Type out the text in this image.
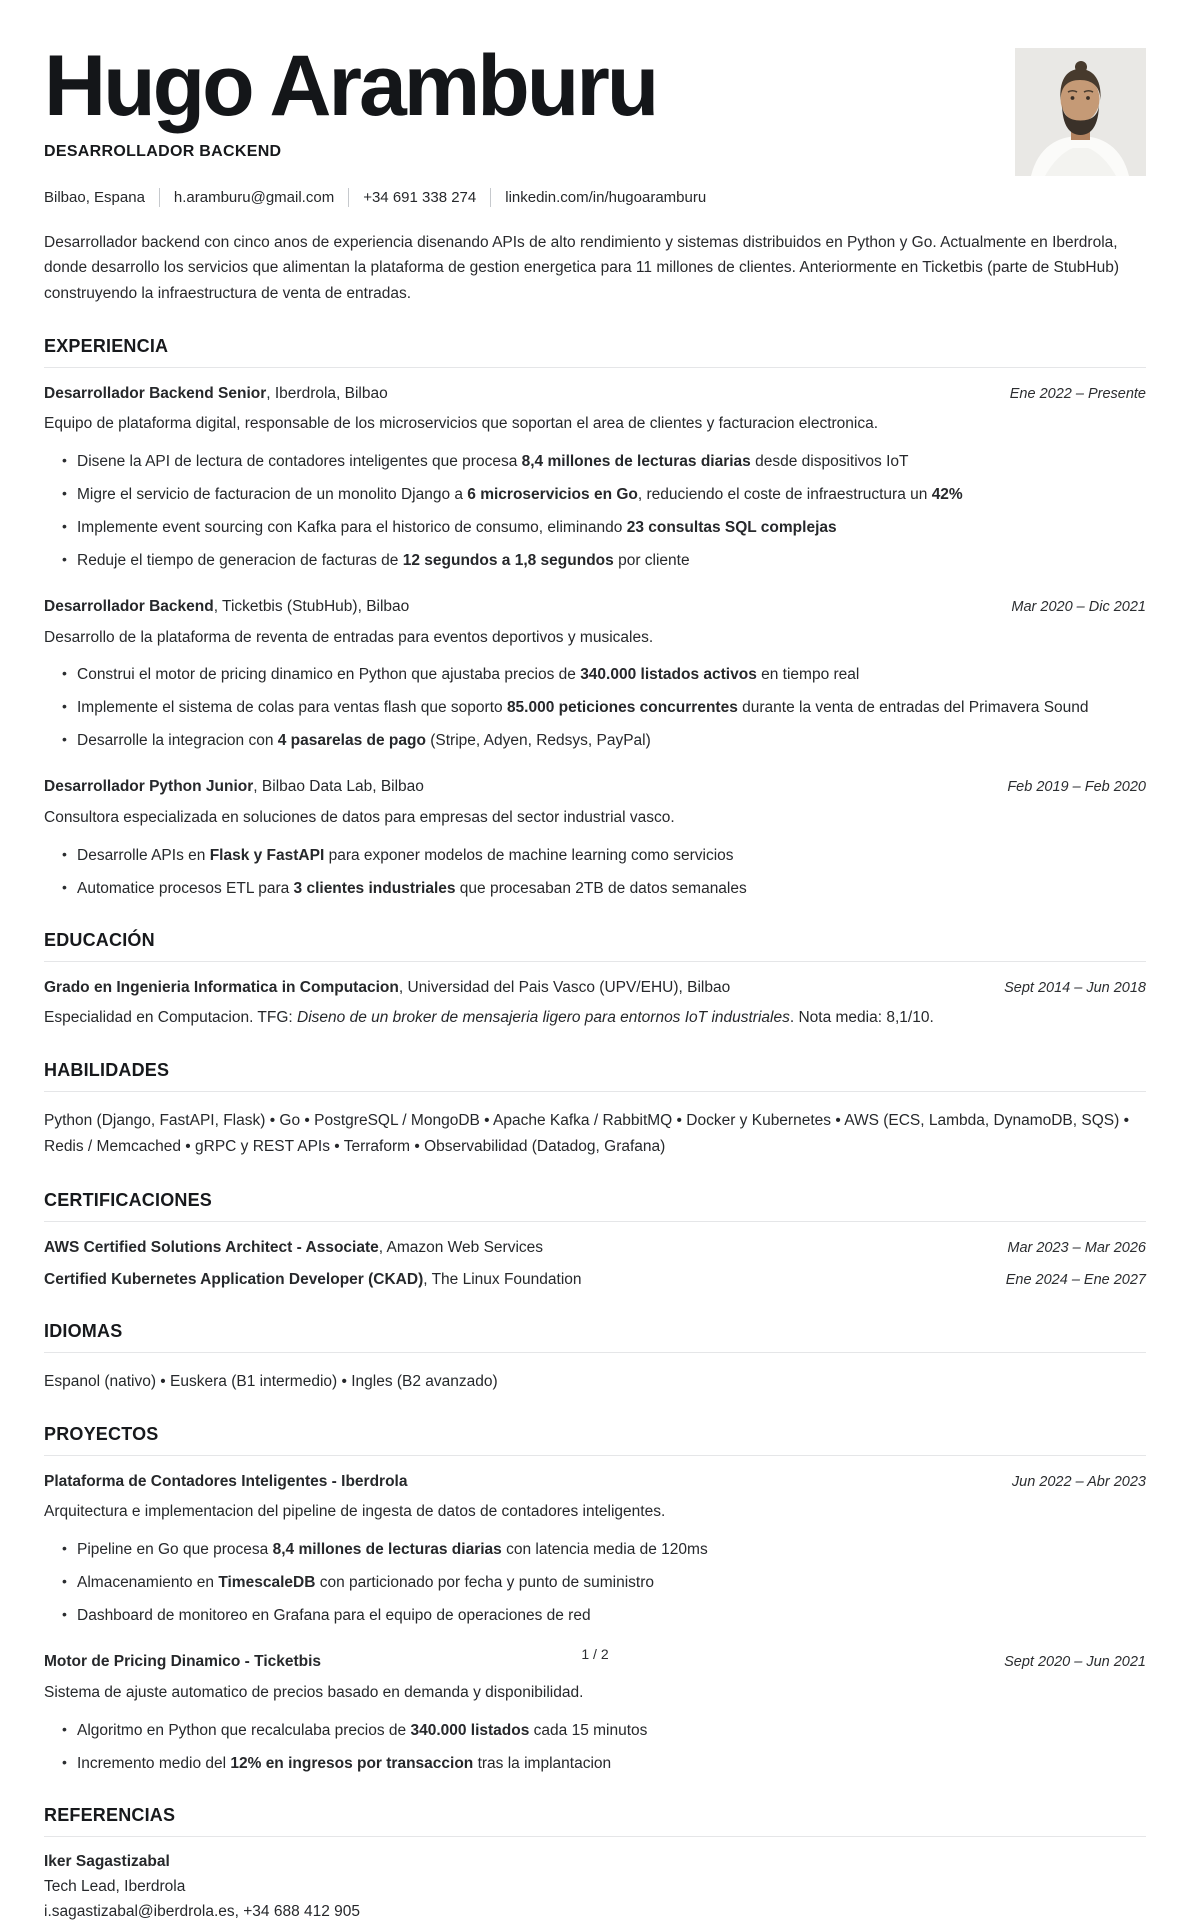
Hugo Aramburu
DESARROLLADOR BACKEND
Bilbao, Espana h.aramburu@gmail.com +34 691 338 274 linkedin.com/in/hugoaramburu

Desarrollador backend con cinco anos de experiencia disenando APIs de alto rendimiento y sistemas distribuidos en Python y Go. Actualmente en Iberdrola, donde desarrollo los servicios que alimentan la plataforma de gestion energetica para 11 millones de clientes. Anteriormente en Ticketbis (parte de StubHub) construyendo la infraestructura de venta de entradas.

EXPERIENCIA
Desarrollador Backend Senior, Iberdrola, Bilbao	Ene 2022 – Presente

Equipo de plataforma digital, responsable de los microservicios que soportan el area de clientes y facturacion electronica.

• Disene la API de lectura de contadores inteligentes que procesa 8,4 millones de lecturas diarias desde dispositivos IoT
• Migre el servicio de facturacion de un monolito Django a 6 microservicios en Go, reduciendo el coste de infraestructura un 42%
• Implemente event sourcing con Kafka para el historico de consumo, eliminando 23 consultas SQL complejas
• Reduje el tiempo de generacion de facturas de 12 segundos a 1,8 segundos por cliente
Desarrollador Backend, Ticketbis (StubHub), Bilbao	Mar 2020 – Dic 2021

Desarrollo de la plataforma de reventa de entradas para eventos deportivos y musicales.

• Construi el motor de pricing dinamico en Python que ajustaba precios de 340.000 listados activos en tiempo real
• Implemente el sistema de colas para ventas flash que soporto 85.000 peticiones concurrentes durante la venta de entradas del Primavera Sound
• Desarrolle la integracion con 4 pasarelas de pago (Stripe, Adyen, Redsys, PayPal)
Desarrollador Python Junior, Bilbao Data Lab, Bilbao	Feb 2019 – Feb 2020

Consultora especializada en soluciones de datos para empresas del sector industrial vasco.

• Desarrolle APIs en Flask y FastAPI para exponer modelos de machine learning como servicios
• Automatice procesos ETL para 3 clientes industriales que procesaban 2TB de datos semanales
EDUCACIÓN
Grado en Ingenieria Informatica in Computacion, Universidad del Pais Vasco (UPV/EHU), Bilbao	Sept 2014 – Jun 2018

Especialidad en Computacion. TFG: Diseno de un broker de mensajeria ligero para entornos IoT industriales. Nota media: 8,1/10.

HABILIDADES

Python (Django, FastAPI, Flask) • Go • PostgreSQL / MongoDB • Apache Kafka / RabbitMQ • Docker y Kubernetes • AWS (ECS, Lambda, DynamoDB, SQS) • Redis / Memcached • gRPC y REST APIs • Terraform • Observabilidad (Datadog, Grafana)

CERTIFICACIONES
AWS Certified Solutions Architect - Associate, Amazon Web Services	Mar 2023 – Mar 2026
Certified Kubernetes Application Developer (CKAD), The Linux Foundation	Ene 2024 – Ene 2027
IDIOMAS

Espanol (nativo) • Euskera (B1 intermedio) • Ingles (B2 avanzado)

PROYECTOS
Plataforma de Contadores Inteligentes - Iberdrola	Jun 2022 – Abr 2023

Arquitectura e implementacion del pipeline de ingesta de datos de contadores inteligentes.

• Pipeline en Go que procesa 8,4 millones de lecturas diarias con latencia media de 120ms
• Almacenamiento en TimescaleDB con particionado por fecha y punto de suministro
• Dashboard de monitoreo en Grafana para el equipo de operaciones de red
Motor de Pricing Dinamico - Ticketbis	Sept 2020 – Jun 2021

Sistema de ajuste automatico de precios basado en demanda y disponibilidad.

• Algoritmo en Python que recalculaba precios de 340.000 listados cada 15 minutos
• Incremento medio del 12% en ingresos por transaccion tras la implantacion
REFERENCIAS
Iker Sagastizabal
Tech Lead, Iberdrola
i.sagastizabal@iberdrola.es, +34 688 412 905
1 / 2
